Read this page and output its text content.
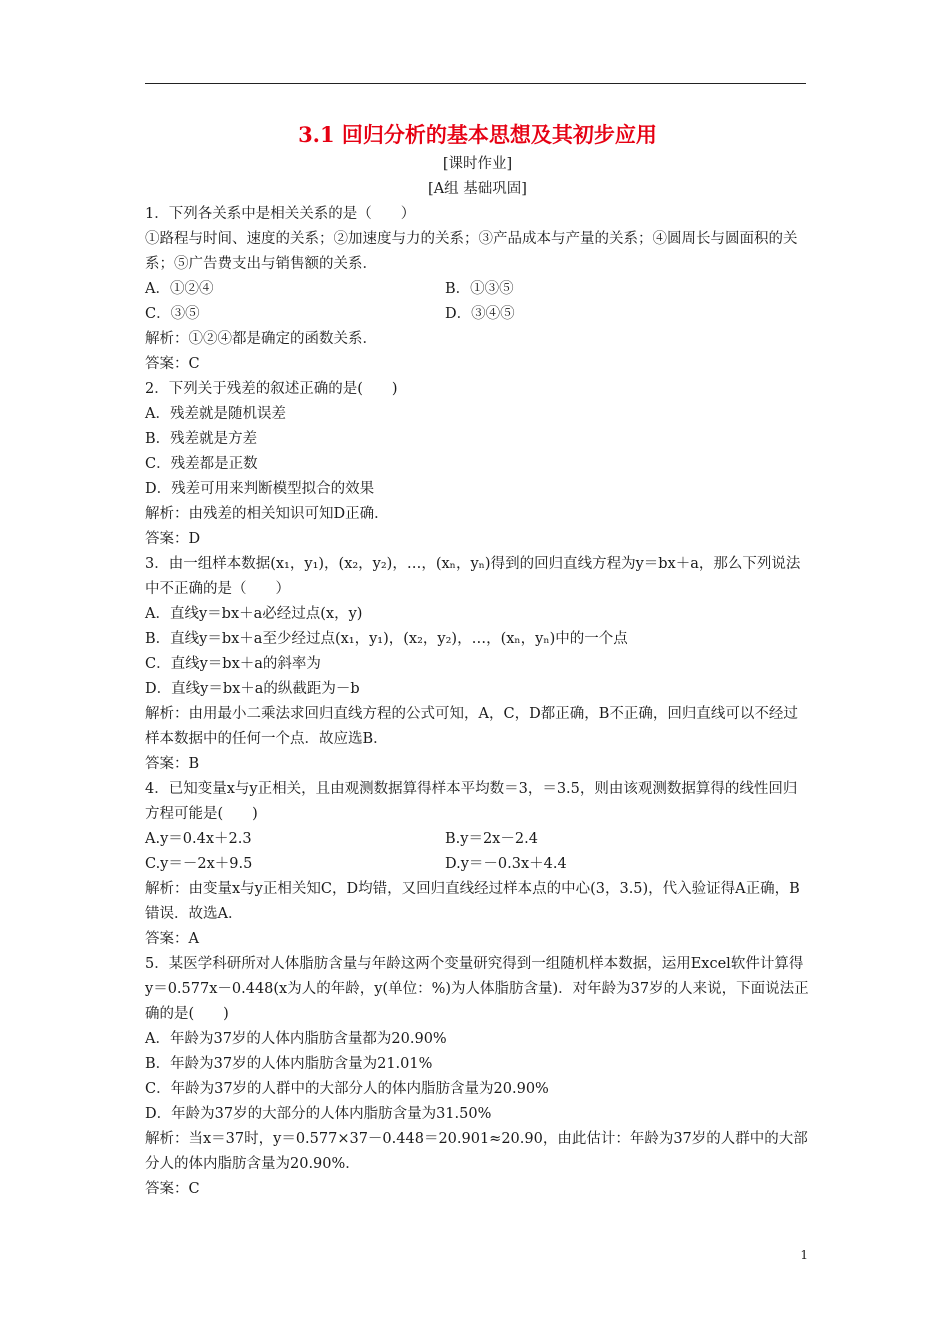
3.1 回归分析的基本思想及其初步应用
[课时作业]
[A组 基础巩固]
1．下列各关系中是相关关系的是（　　）
①路程与时间、速度的关系；②加速度与力的关系；③产品成本与产量的关系；④圆周长与圆面积的关系；⑤广告费支出与销售额的关系．
A．①②④	B．①③⑤
C．③⑤	D．③④⑤
解析：①②④都是确定的函数关系．
答案：C
2．下列关于残差的叙述正确的是(　　)
A．残差就是随机误差
B．残差就是方差
C．残差都是正数
D．残差可用来判断模型拟合的效果
解析：由残差的相关知识可知D正确．
答案：D
3．由一组样本数据(x₁，y₁)，(x₂，y₂)，…，(xₙ，yₙ)得到的回归直线方程为y＝bx＋a，那么下列说法中不正确的是（　　）
A．直线y＝bx＋a必经过点(x，y)
B．直线y＝bx＋a至少经过点(x₁，y₁)，(x₂，y₂)，…，(xₙ，yₙ)中的一个点
C．直线y＝bx＋a的斜率为
D．直线y＝bx＋a的纵截距为－b
解析：由用最小二乘法求回归直线方程的公式可知，A，C，D都正确，B不正确，回归直线可以不经过样本数据中的任何一个点．故应选B．
答案：B
4．已知变量x与y正相关，且由观测数据算得样本平均数＝3，＝3.5，则由该观测数据算得的线性回归方程可能是(　　)
A.y＝0.4x＋2.3	B.y＝2x－2.4
C.y＝－2x＋9.5	D.y＝－0.3x＋4.4
解析：由变量x与y正相关知C，D均错，又回归直线经过样本点的中心(3，3.5)，代入验证得A正确，B错误．故选A．
答案：A
5．某医学科研所对人体脂肪含量与年龄这两个变量研究得到一组随机样本数据，运用Excel软件计算得y＝0.577x－0.448(x为人的年龄，y(单位：%)为人体脂肪含量)．对年龄为37岁的人来说，下面说法正确的是(　　)
A．年龄为37岁的人体内脂肪含量都为20.90%
B．年龄为37岁的人体内脂肪含量为21.01%
C．年龄为37岁的人群中的大部分人的体内脂肪含量为20.90%
D．年龄为37岁的大部分的人体内脂肪含量为31.50%
解析：当x＝37时，y＝0.577×37－0.448＝20.901≈20.90，由此估计：年龄为37岁的人群中的大部分人的体内脂肪含量为20.90%．
答案：C
1
